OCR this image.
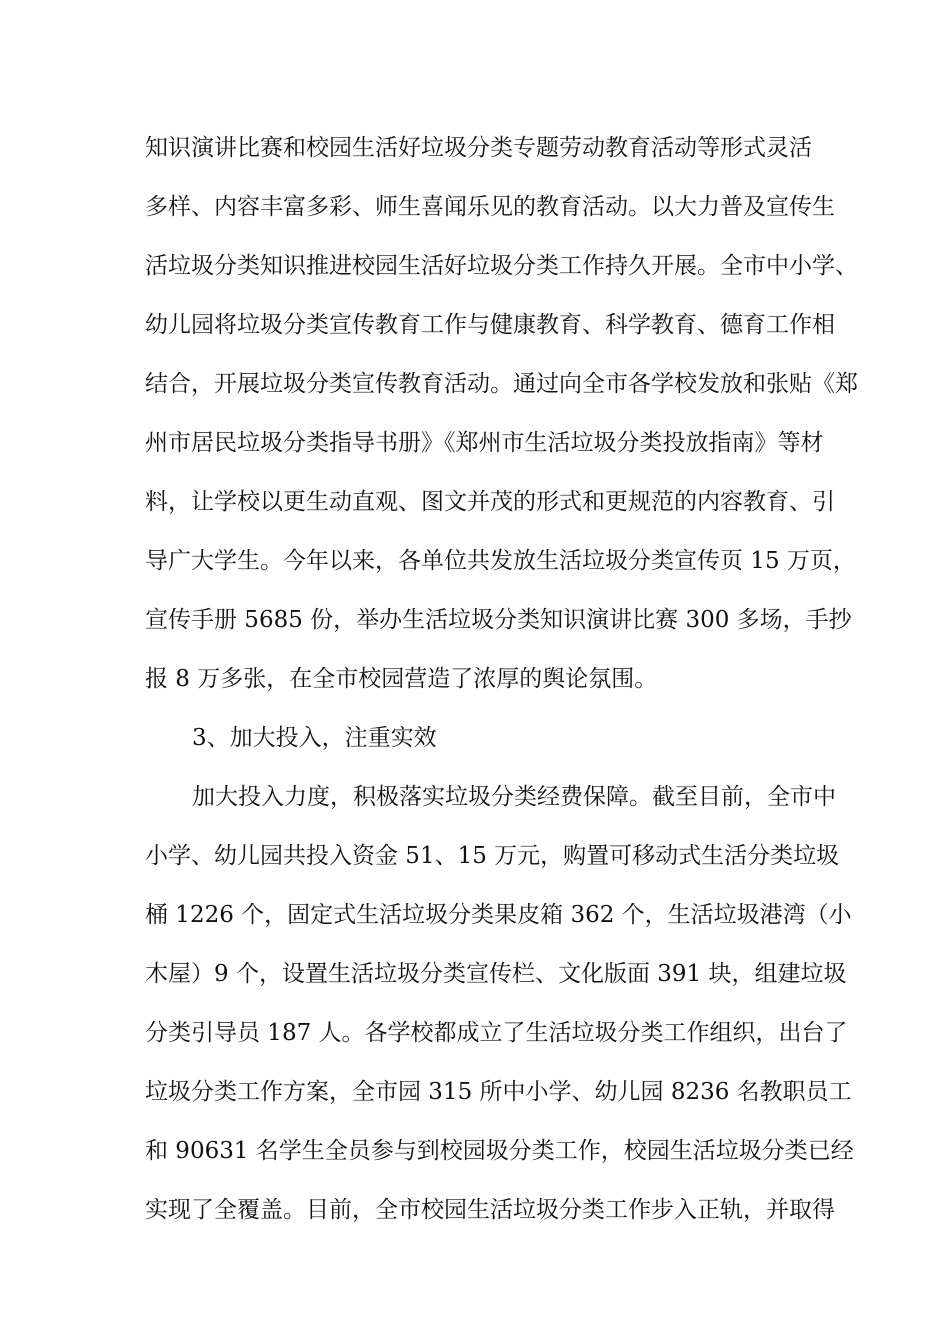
知识演讲比赛和校园生活好垃圾分类专题劳动教育活动等形式灵活
多样、内容丰富多彩、师生喜闻乐见的教育活动。以大力普及宣传生
活垃圾分类知识推进校园生活好垃圾分类工作持久开展。全市中小学、
幼儿园将垃圾分类宣传教育工作与健康教育、科学教育、德育工作相
结合，开展垃圾分类宣传教育活动。通过向全市各学校发放和张贴《郑
州市居民垃圾分类指导书册》《郑州市生活垃圾分类投放指南》等材
料，让学校以更生动直观、图文并茂的形式和更规范的内容教育、引
导广大学生。今年以来，各单位共发放生活垃圾分类宣传页 15 万页，
宣传手册 5685 份，举办生活垃圾分类知识演讲比赛 300 多场，手抄
报 8 万多张，在全市校园营造了浓厚的舆论氛围。
3、加大投入，注重实效
加大投入力度，积极落实垃圾分类经费保障。截至目前，全市中
小学、幼儿园共投入资金 51、15 万元，购置可移动式生活分类垃圾
桶 1226 个，固定式生活垃圾分类果皮箱 362 个，生活垃圾港湾（小
木屋）9 个，设置生活垃圾分类宣传栏、文化版面 391 块，组建垃圾
分类引导员 187 人。各学校都成立了生活垃圾分类工作组织，出台了
垃圾分类工作方案，全市园 315 所中小学、幼儿园 8236 名教职员工
和 90631 名学生全员参与到校园圾分类工作，校园生活垃圾分类已经
实现了全覆盖。目前，全市校园生活垃圾分类工作步入正轨，并取得
